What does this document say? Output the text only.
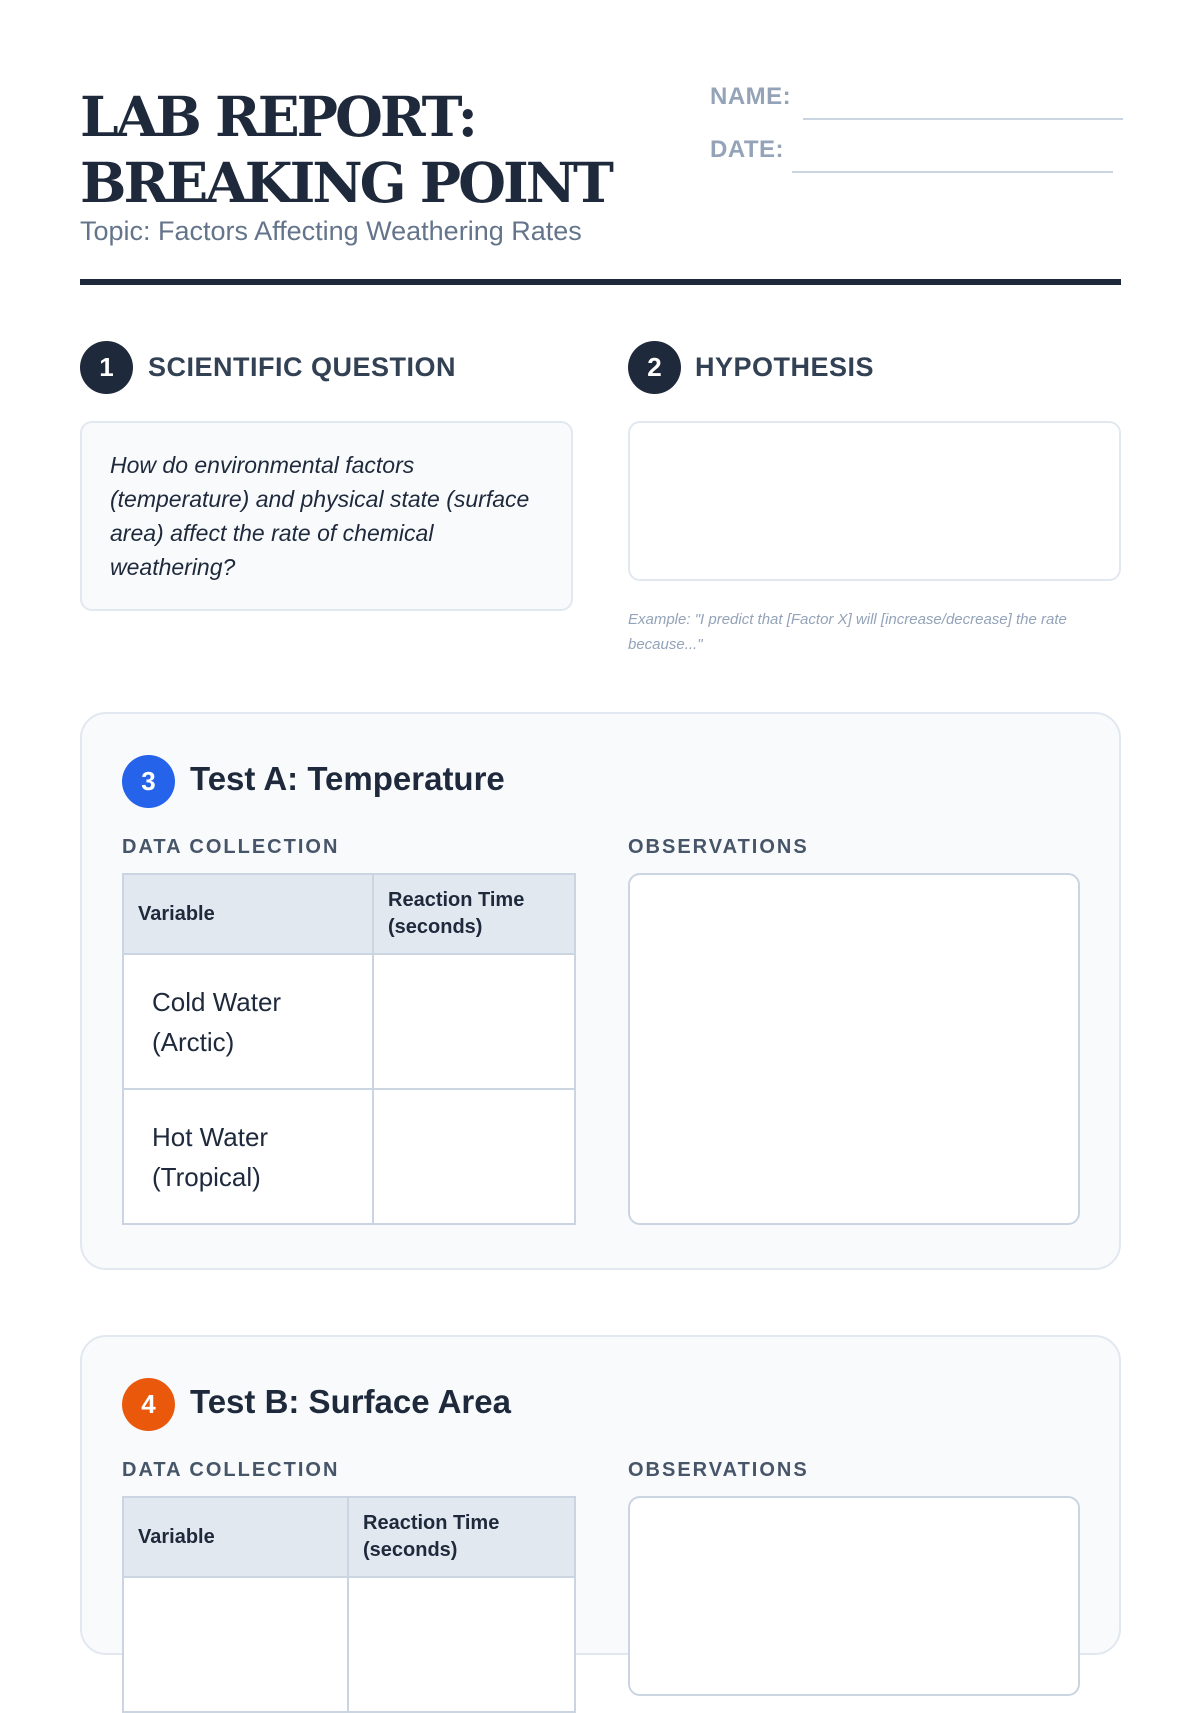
LAB REPORT:
BREAKING POINT
Topic: Factors Affecting Weathering Rates
NAME:
DATE:
1	SCIENTIFIC QUESTION
How do environmental factors (temperature) and physical state (surface area) affect the rate of chemical weathering?
2	HYPOTHESIS
Example: "I predict that [Factor X] will [increase/decrease] the rate because..."
3	Test A: Temperature
DATA COLLECTION	OBSERVATIONS
Variable	Reaction Time (seconds)
Cold Water (Arctic)	
Hot Water (Tropical)	
4	Test B: Surface Area
DATA COLLECTION	OBSERVATIONS
Variable	Reaction Time (seconds)
